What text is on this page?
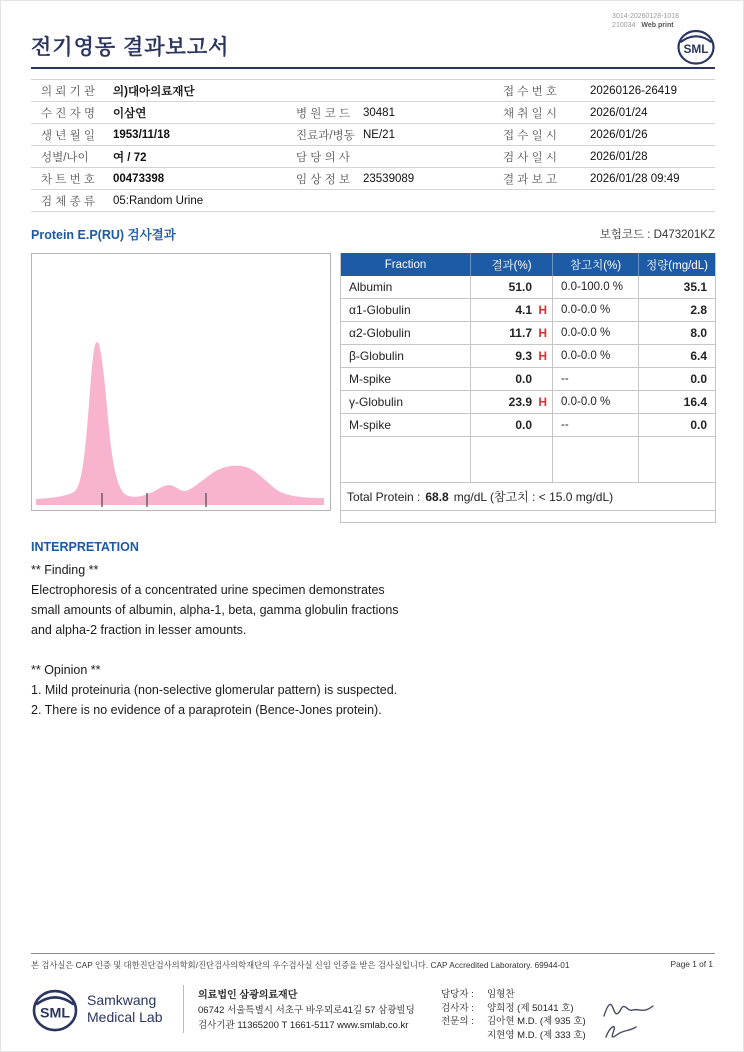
전기영동 결과보고서
3014-20260128-1018
210034 Web print
SML
의 뢰 기 관	의)대아의료재단	접 수 번 호	20260126-26419
수 진 자 명	이삼연	병 원 코 드	30481	채 취 일 시	2026/01/24
생 년 월 일	1953/11/18	진료과/병동 NE/21	접 수 일 시	2026/01/26
성별/나이	여 / 72	담 당 의 사	검 사 일 시	2026/01/28
차 트 번 호	00473398	임 상 정 보	23539089	결 과 보 고	2026/01/28 09:49
검 체 종 류	05:Random Urine
Protein E.P(RU) 검사결과	보험코드 : D473201KZ
Fraction	결과(%)	참고치(%)	정량(mg/dL)
Albumin	51.0	0.0-100.0 %	35.1
α1-Globulin	4.1 H	0.0-0.0 %	2.8
α2-Globulin	11.7 H	0.0-0.0 %	8.0
β-Globulin	9.3 H	0.0-0.0 %	6.4
M-spike	0.0	--	0.0
γ-Globulin	23.9 H	0.0-0.0 %	16.4
M-spike	0.0	--	0.0
Total Protein : 68.8 mg/dL (참고치 : < 15.0 mg/dL)
INTERPRETATION
** Finding **
Electrophoresis of a concentrated urine specimen demonstrates
small amounts of albumin, alpha-1, beta, gamma globulin fractions
and alpha-2 fraction in lesser amounts.
** Opinion **
1. Mild proteinuria (non-selective glomerular pattern) is suspected.
2. There is no evidence of a paraprotein (Bence-Jones protein).
본 검사실은 CAP 인증 및 대한진단검사의학회/진단검사의학재단의 우수검사실 신임 인증을 받은 검사실입니다. CAP Accredited Laboratory. 69944-01	Page 1 of 1
SML
Samkwang
Medical Lab
의료법인 삼광의료재단
06742 서울특별시 서초구 바우뫼로41길 57 삼광빌딩
검사기관 11365200 T 1661-5117 www.smlab.co.kr
담당자 :	임형찬
검사자 :	양희정 (제 50141 호)
전문의 :	김아현 M.D. (제 935 호)
지현영 M.D. (제 333 호)
